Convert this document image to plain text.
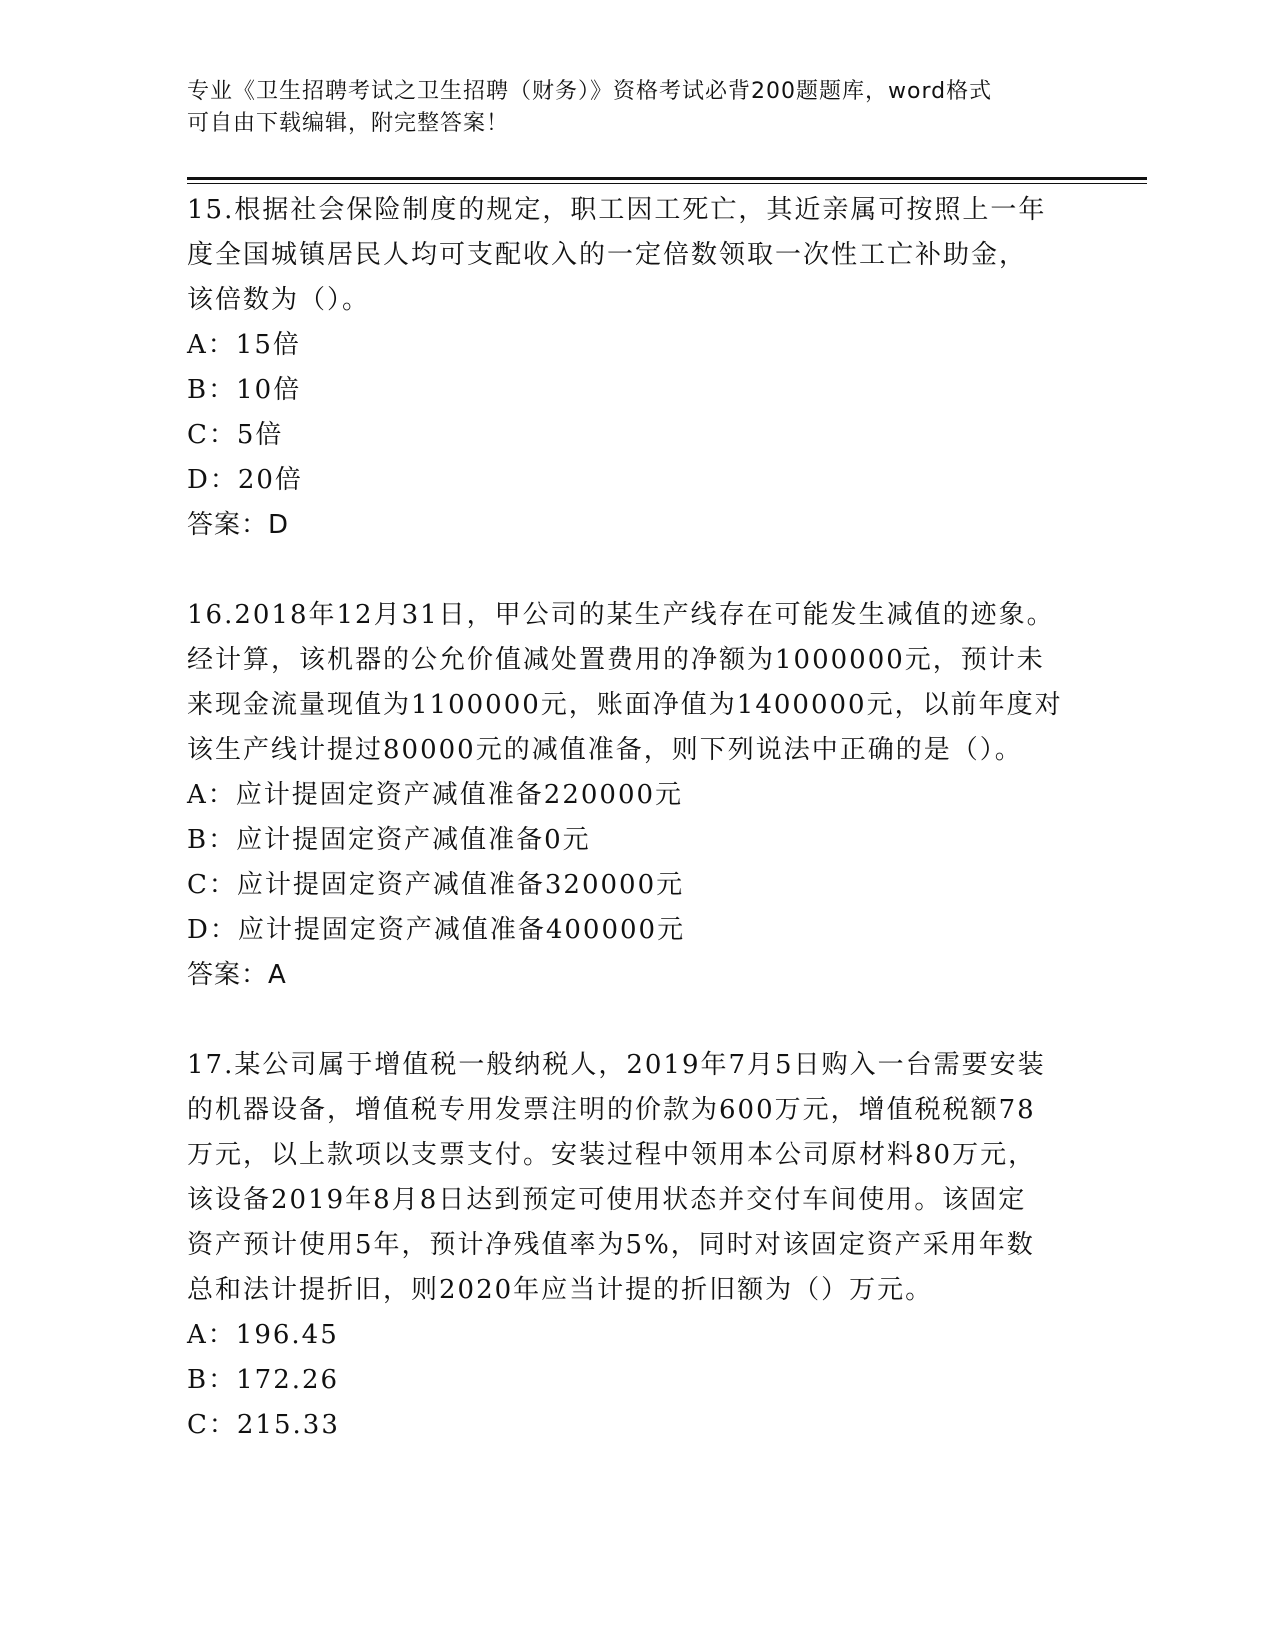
专业《卫生招聘考试之卫生招聘（财务）》资格考试必背200题题库，word格式
可自由下载编辑，附完整答案！
15.根据社会保险制度的规定，职工因工死亡，其近亲属可按照上一年
度全国城镇居民人均可支配收入的一定倍数领取一次性工亡补助金，
该倍数为（）。
A：15倍
B：10倍
C：5倍
D：20倍
答案：D
16.2018年12月31日，甲公司的某生产线存在可能发生减值的迹象。
经计算，该机器的公允价值减处置费用的净额为1000000元，预计未
来现金流量现值为1100000元，账面净值为1400000元，以前年度对
该生产线计提过80000元的减值准备，则下列说法中正确的是（）。
A：应计提固定资产减值准备220000元
B：应计提固定资产减值准备0元
C：应计提固定资产减值准备320000元
D：应计提固定资产减值准备400000元
答案：A
17.某公司属于增值税一般纳税人，2019年7月5日购入一台需要安装
的机器设备，增值税专用发票注明的价款为600万元，增值税税额78
万元，以上款项以支票支付。安装过程中领用本公司原材料80万元，
该设备2019年8月8日达到预定可使用状态并交付车间使用。该固定
资产预计使用5年，预计净残值率为5%，同时对该固定资产采用年数
总和法计提折旧，则2020年应当计提的折旧额为（）万元。
A：196.45
B：172.26
C：215.33
